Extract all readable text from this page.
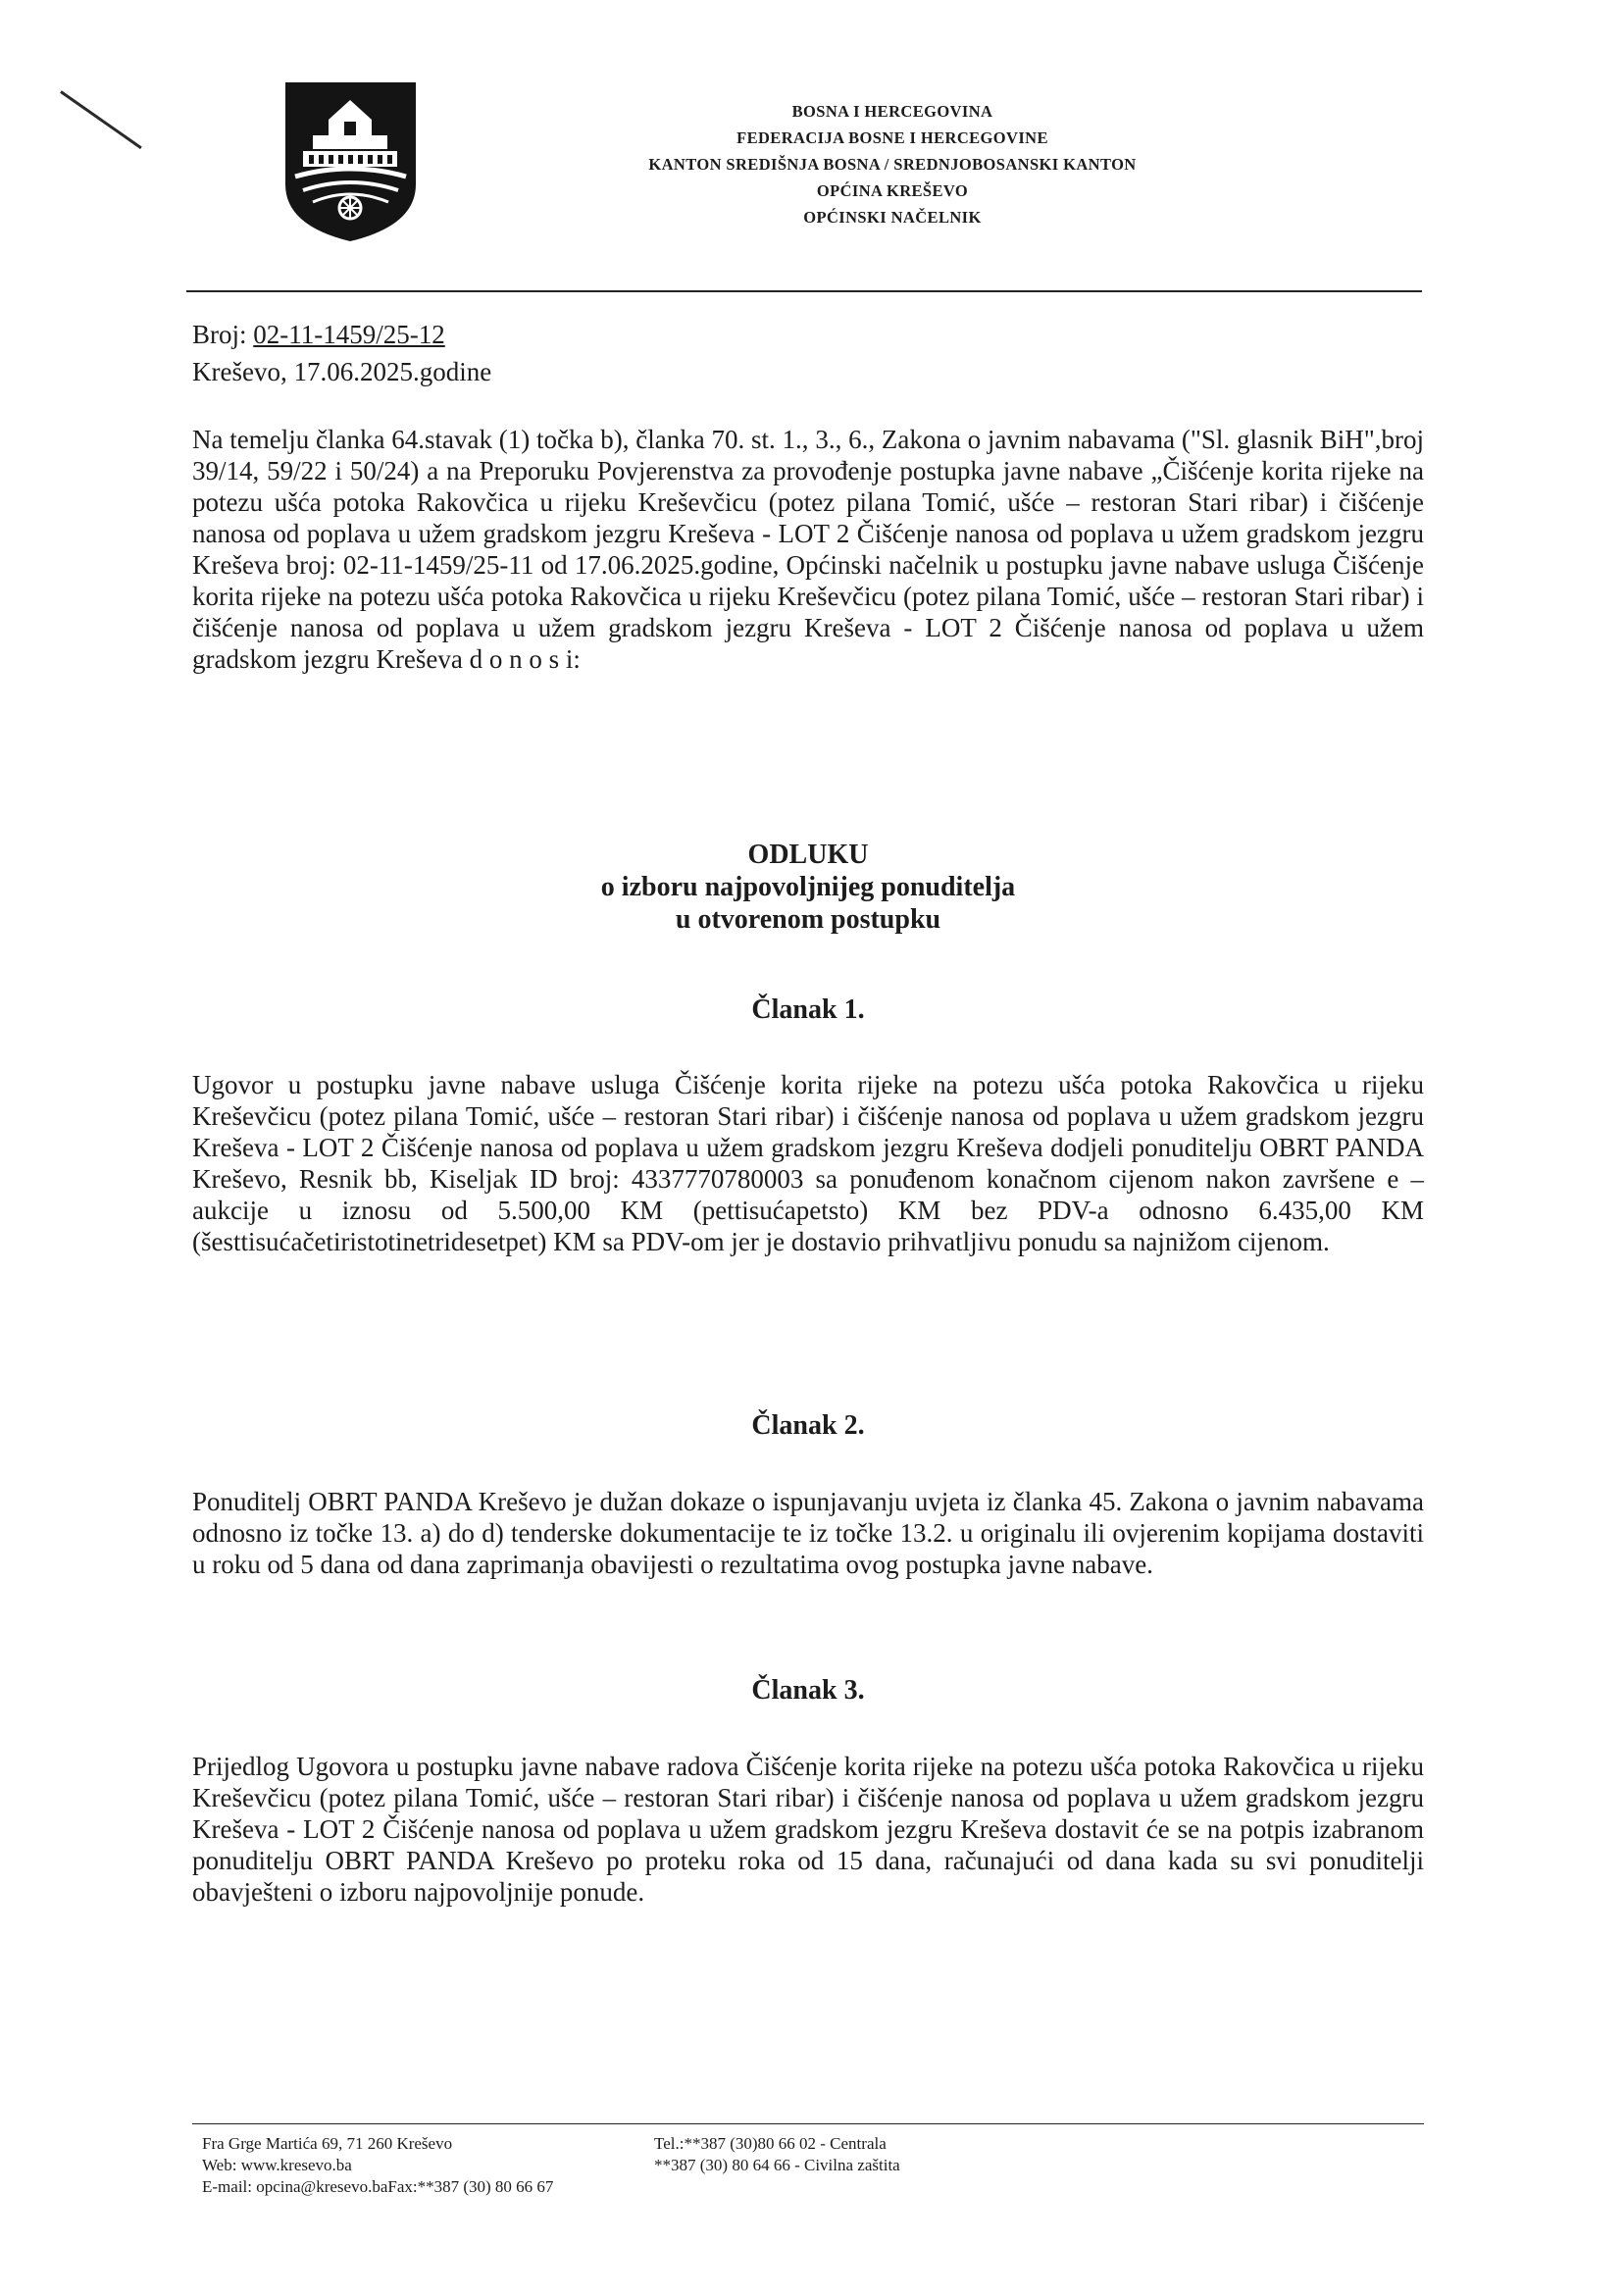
BOSNA I HERCEGOVINA
FEDERACIJA BOSNE I HERCEGOVINE
KANTON SREDIŠNJA BOSNA / SREDNJOBOSANSKI KANTON
OPĆINA KREŠEVO
OPĆINSKI NAČELNIK
Broj: 02-11-1459/25-12
Kreševo, 17.06.2025.godine
Na temelju članka 64.stavak (1) točka b), članka 70. st. 1., 3., 6., Zakona o javnim nabavama ("Sl. glasnik BiH",broj 39/14, 59/22 i 50/24) a na Preporuku Povjerenstva za provođenje postupka javne nabave „Čišćenje korita rijeke na potezu ušća potoka Rakovčica u rijeku Kreševčicu (potez pilana Tomić, ušće – restoran Stari ribar) i čišćenje nanosa od poplava u užem gradskom jezgru Kreševa - LOT 2 Čišćenje nanosa od poplava u užem gradskom jezgru Kreševa broj: 02-11-1459/25-11 od 17.06.2025.godine, Općinski načelnik u postupku javne nabave usluga Čišćenje korita rijeke na potezu ušća potoka Rakovčica u rijeku Kreševčicu (potez pilana Tomić, ušće – restoran Stari ribar) i čišćenje nanosa od poplava u užem gradskom jezgru Kreševa - LOT 2 Čišćenje nanosa od poplava u užem gradskom jezgru Kreševa d o n o s i:
ODLUKU
o izboru najpovoljnijeg ponuditelja
u otvorenom postupku
Članak 1.
Ugovor u postupku javne nabave usluga Čišćenje korita rijeke na potezu ušća potoka Rakovčica u rijeku Kreševčicu (potez pilana Tomić, ušće – restoran Stari ribar) i čišćenje nanosa od poplava u užem gradskom jezgru Kreševa - LOT 2 Čišćenje nanosa od poplava u užem gradskom jezgru Kreševa dodjeli ponuditelju OBRT PANDA Kreševo, Resnik bb, Kiseljak ID broj: 4337770780003 sa ponuđenom konačnom cijenom nakon završene e – aukcije u iznosu od 5.500,00 KM (pettisućapetsto) KM bez PDV-a odnosno 6.435,00 KM (šesttisućačetiristotinetridesetpet) KM sa PDV-om jer je dostavio prihvatljivu ponudu sa najnižom cijenom.
Članak 2.
Ponuditelj OBRT PANDA Kreševo je dužan dokaze o ispunjavanju uvjeta iz članka 45. Zakona o javnim nabavama odnosno iz točke 13. a) do d) tenderske dokumentacije te iz točke 13.2. u originalu ili ovjerenim kopijama dostaviti u roku od 5 dana od dana zaprimanja obavijesti o rezultatima ovog postupka javne nabave.
Članak 3.
Prijedlog Ugovora u postupku javne nabave radova Čišćenje korita rijeke na potezu ušća potoka Rakovčica u rijeku Kreševčicu (potez pilana Tomić, ušće – restoran Stari ribar) i čišćenje nanosa od poplava u užem gradskom jezgru Kreševa - LOT 2 Čišćenje nanosa od poplava u užem gradskom jezgru Kreševa dostavit će se na potpis izabranom ponuditelju OBRT PANDA Kreševo po proteku roka od 15 dana, računajući od dana kada su svi ponuditelji obavješteni o izboru najpovoljnije ponude.
Fra Grge Martića 69, 71 260 Kreševo
Web: www.kresevo.ba
E-mail: opcina@kresevo.baFax:**387 (30) 80 66 67
Tel.:**387 (30)80 66 02 - Centrala
**387 (30) 80 64 66 - Civilna zaštita
